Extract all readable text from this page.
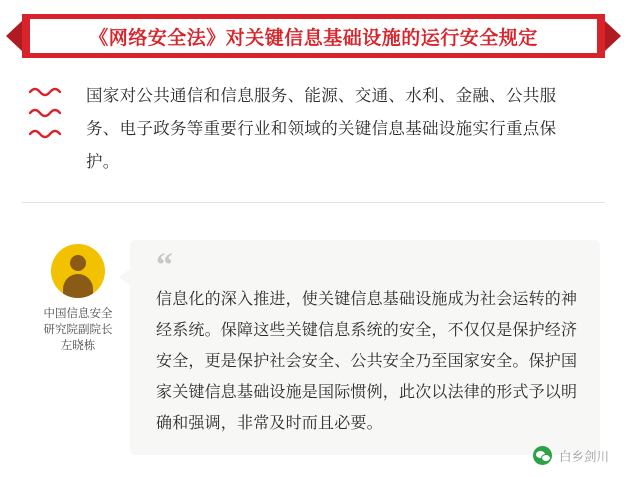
《网络安全法》对关键信息基础设施的运行安全规定
国家对公共通信和信息服务、能源、交通、水利、金融、公共服务、电子政务等重要行业和领域的关键信息基础设施实行重点保护。
中国信息安全
研究院副院长
左晓栋
“
信息化的深入推进，使关键信息基础设施成为社会运转的神经系统。保障这些关键信息系统的安全，不仅仅是保护经济安全，更是保护社会安全、公共安全乃至国家安全。保护国家关键信息基础设施是国际惯例，此次以法律的形式予以明确和强调，非常及时而且必要。
白乡剑川
